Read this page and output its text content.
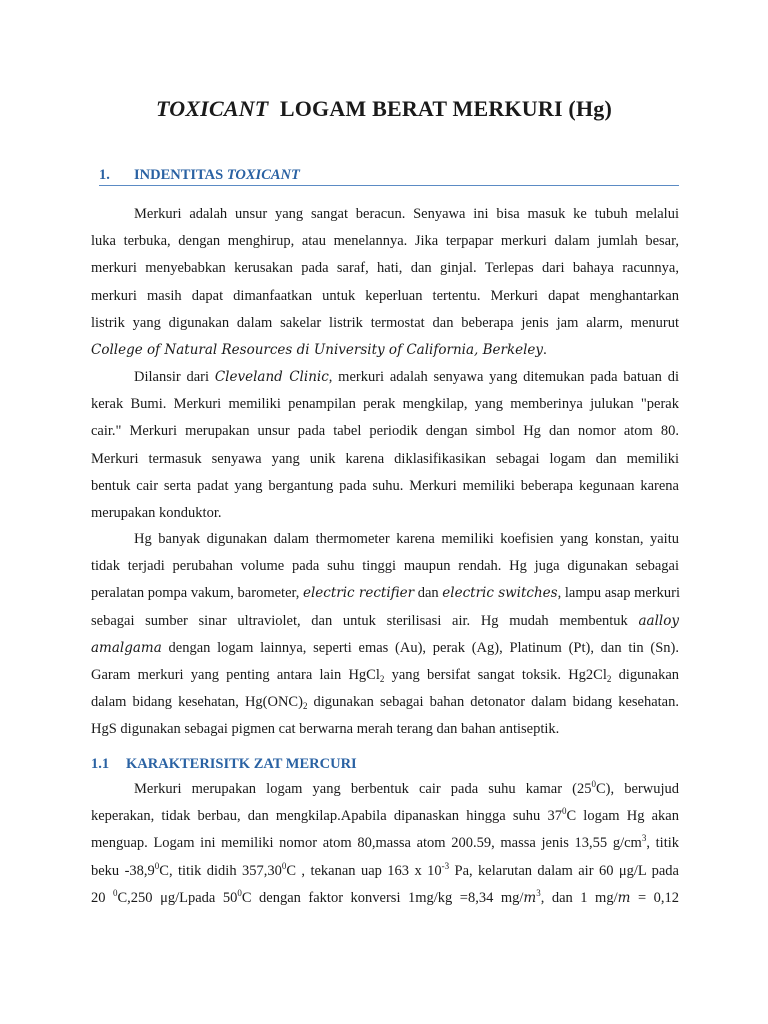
TOXICANT LOGAM BERAT MERKURI (Hg)
1. INDENTITAS TOXICANT
Merkuri adalah unsur yang sangat beracun. Senyawa ini bisa masuk ke tubuh melalui
luka terbuka, dengan menghirup, atau menelannya. Jika terpapar merkuri dalam jumlah besar,
merkuri menyebabkan kerusakan pada saraf, hati, dan ginjal. Terlepas dari bahaya racunnya,
merkuri masih dapat dimanfaatkan untuk keperluan tertentu. Merkuri dapat menghantarkan
listrik yang digunakan dalam sakelar listrik termostat dan beberapa jenis jam alarm, menurut
College of Natural Resources di University of California, Berkeley.
Dilansir dari Cleveland Clinic, merkuri adalah senyawa yang ditemukan pada batuan di
kerak Bumi. Merkuri memiliki penampilan perak mengkilap, yang memberinya julukan "perak
cair." Merkuri merupakan unsur pada tabel periodik dengan simbol Hg dan nomor atom 80.
Merkuri termasuk senyawa yang unik karena diklasifikasikan sebagai logam dan memiliki
bentuk cair serta padat yang bergantung pada suhu. Merkuri memiliki beberapa kegunaan karena
merupakan konduktor.
Hg banyak digunakan dalam thermometer karena memiliki koefisien yang konstan, yaitu
tidak terjadi perubahan volume pada suhu tinggi maupun rendah. Hg juga digunakan sebagai
peralatan pompa vakum, barometer, electric rectifier dan electric switches, lampu asap merkuri
sebagai sumber sinar ultraviolet, dan untuk sterilisasi air. Hg mudah membentuk aalloy
amalgama dengan logam lainnya, seperti emas (Au), perak (Ag), Platinum (Pt), dan tin (Sn).
Garam merkuri yang penting antara lain HgCl$_2$ yang bersifat sangat toksik. $Hg2Cl_2$ digunakan
dalam bidang kesehatan, $Hg(ONC)_2$ digunakan sebagai bahan detonator dalam bidang kesehatan.
HgS digunakan sebagai pigmen cat berwarna merah terang dan bahan antiseptik.
1.1 KARAKTERISITK ZAT MERCURI
Merkuri merupakan logam yang berbentuk cair pada suhu kamar $(25^0C)$, berwujud
keperakan, tidak berbau, dan mengkilap.Apabila dipanaskan hingga suhu $37^0C$ logam Hg akan
menguap. Logam ini memiliki nomor atom 80,massa atom 200.59, massa jenis 13,55 $g/cm^3$, titik
beku -38,9$^0$C, titik didih 357,30$^0$C , tekanan uap 163 x $10^{-3}$ Pa, kelarutan dalam air 60 μg/L pada
20 $^0$C,250 μg/Lpada $50^0C$ dengan faktor konversi 1mg/kg =8,34 $mg/m^3$, dan 1 mg/m = 0,12
